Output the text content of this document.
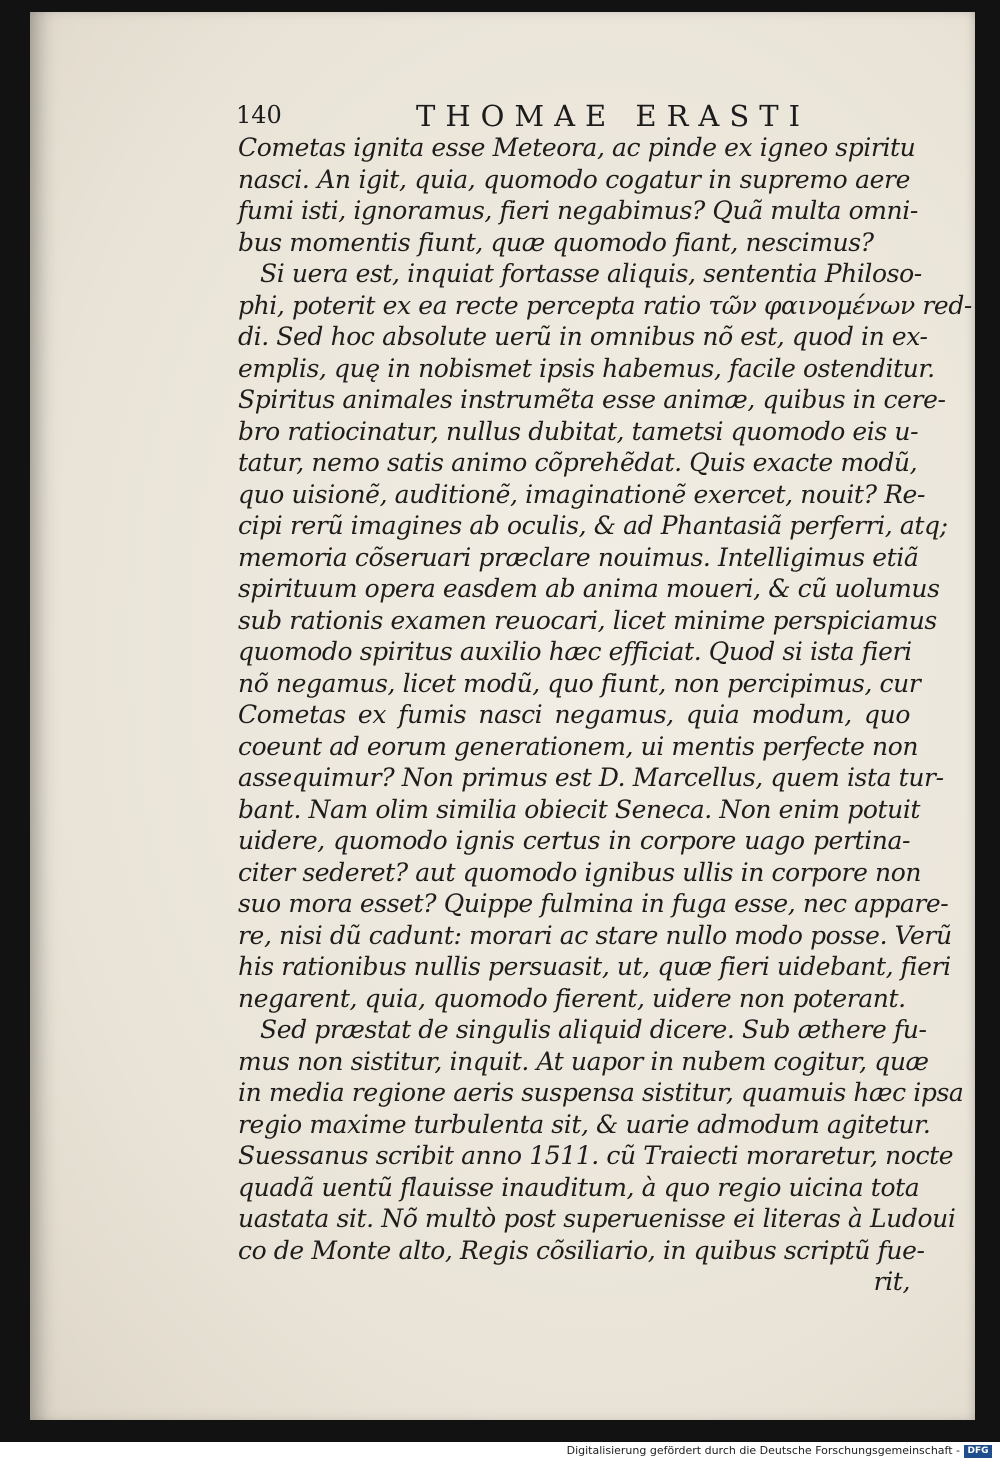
140	THOMAE ERASTI
Cometas ignita esse Meteora, ac pinde ex igneo spiritu
nasci. An igit, quia, quomodo cogatur in supremo aere
fumi isti, ignoramus, fieri negabimus? Quã multa omni-
bus momentis fiunt, quæ quomodo fiant, nescimus?
Si uera est, inquiat fortasse aliquis, sententia Philoso-
phi, poterit ex ea recte percepta ratio τῶν φαινομένων red-
di. Sed hoc absolute uerũ in omnibus nõ est, quod in ex-
emplis, quę in nobismet ipsis habemus, facile ostenditur.
Spiritus animales instrumẽta esse animæ, quibus in cere-
bro ratiocinatur, nullus dubitat, tametsi quomodo eis u-
tatur, nemo satis animo cõprehẽdat. Quis exacte modũ,
quo uisionẽ, auditionẽ, imaginationẽ exercet, nouit? Re-
cipi rerũ imagines ab oculis, & ad Phantasiã perferri, atq;
memoria cõseruari præclare nouimus. Intelligimus etiã
spirituum opera easdem ab anima moueri, & cũ uolumus
sub rationis examen reuocari, licet minime perspiciamus
quomodo spiritus auxilio hæc efficiat. Quod si ista fieri
nõ negamus, licet modũ, quo fiunt, non percipimus, cur
Cometas ex fumis nasci negamus, quia modum, quo
coeunt ad eorum generationem, ui mentis perfecte non
assequimur? Non primus est D. Marcellus, quem ista tur-
bant. Nam olim similia obiecit Seneca. Non enim potuit
uidere, quomodo ignis certus in corpore uago pertina-
citer sederet? aut quomodo ignibus ullis in corpore non
suo mora esset? Quippe fulmina in fuga esse, nec appare-
re, nisi dũ cadunt: morari ac stare nullo modo posse. Verũ
his rationibus nullis persuasit, ut, quæ fieri uidebant, fieri
negarent, quia, quomodo fierent, uidere non poterant.
Sed præstat de singulis aliquid dicere. Sub æthere fu-
mus non sistitur, inquit. At uapor in nubem cogitur, quæ
in media regione aeris suspensa sistitur, quamuis hæc ipsa
regio maxime turbulenta sit, & uarie admodum agitetur.
Suessanus scribit anno 1511. cũ Traiecti moraretur, nocte
quadã uentũ flauisse inauditum, à quo regio uicina tota
uastata sit. Nõ multò post superuenisse ei literas à Ludoui
co de Monte alto, Regis cõsiliario, in quibus scriptũ fue-
rit,
Digitalisierung gefördert durch die Deutsche Forschungsgemeinschaft - DFG
